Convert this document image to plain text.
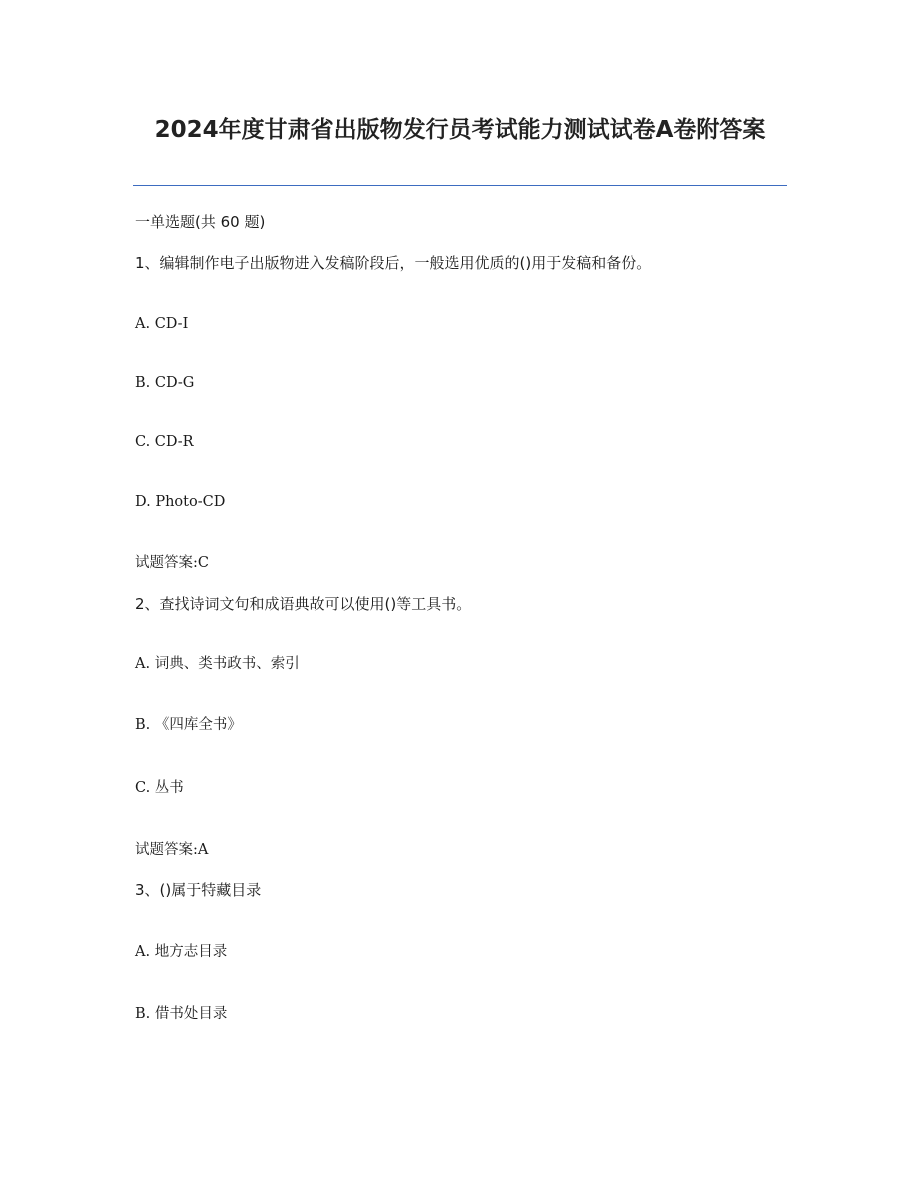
2024年度甘肃省出版物发行员考试能力测试试卷A卷附答案

一单选题(共 60 题)

1、编辑制作电子出版物进入发稿阶段后，一般选用优质的()用于发稿和备份。

A. CD-I

B. CD-G

C. CD-R

D. Photo-CD

试题答案:C

2、查找诗词文句和成语典故可以使用()等工具书。

A. 词典、类书政书、索引

B. 《四库全书》

C. 丛书

试题答案:A

3、()属于特藏目录

A. 地方志目录

B. 借书处目录
